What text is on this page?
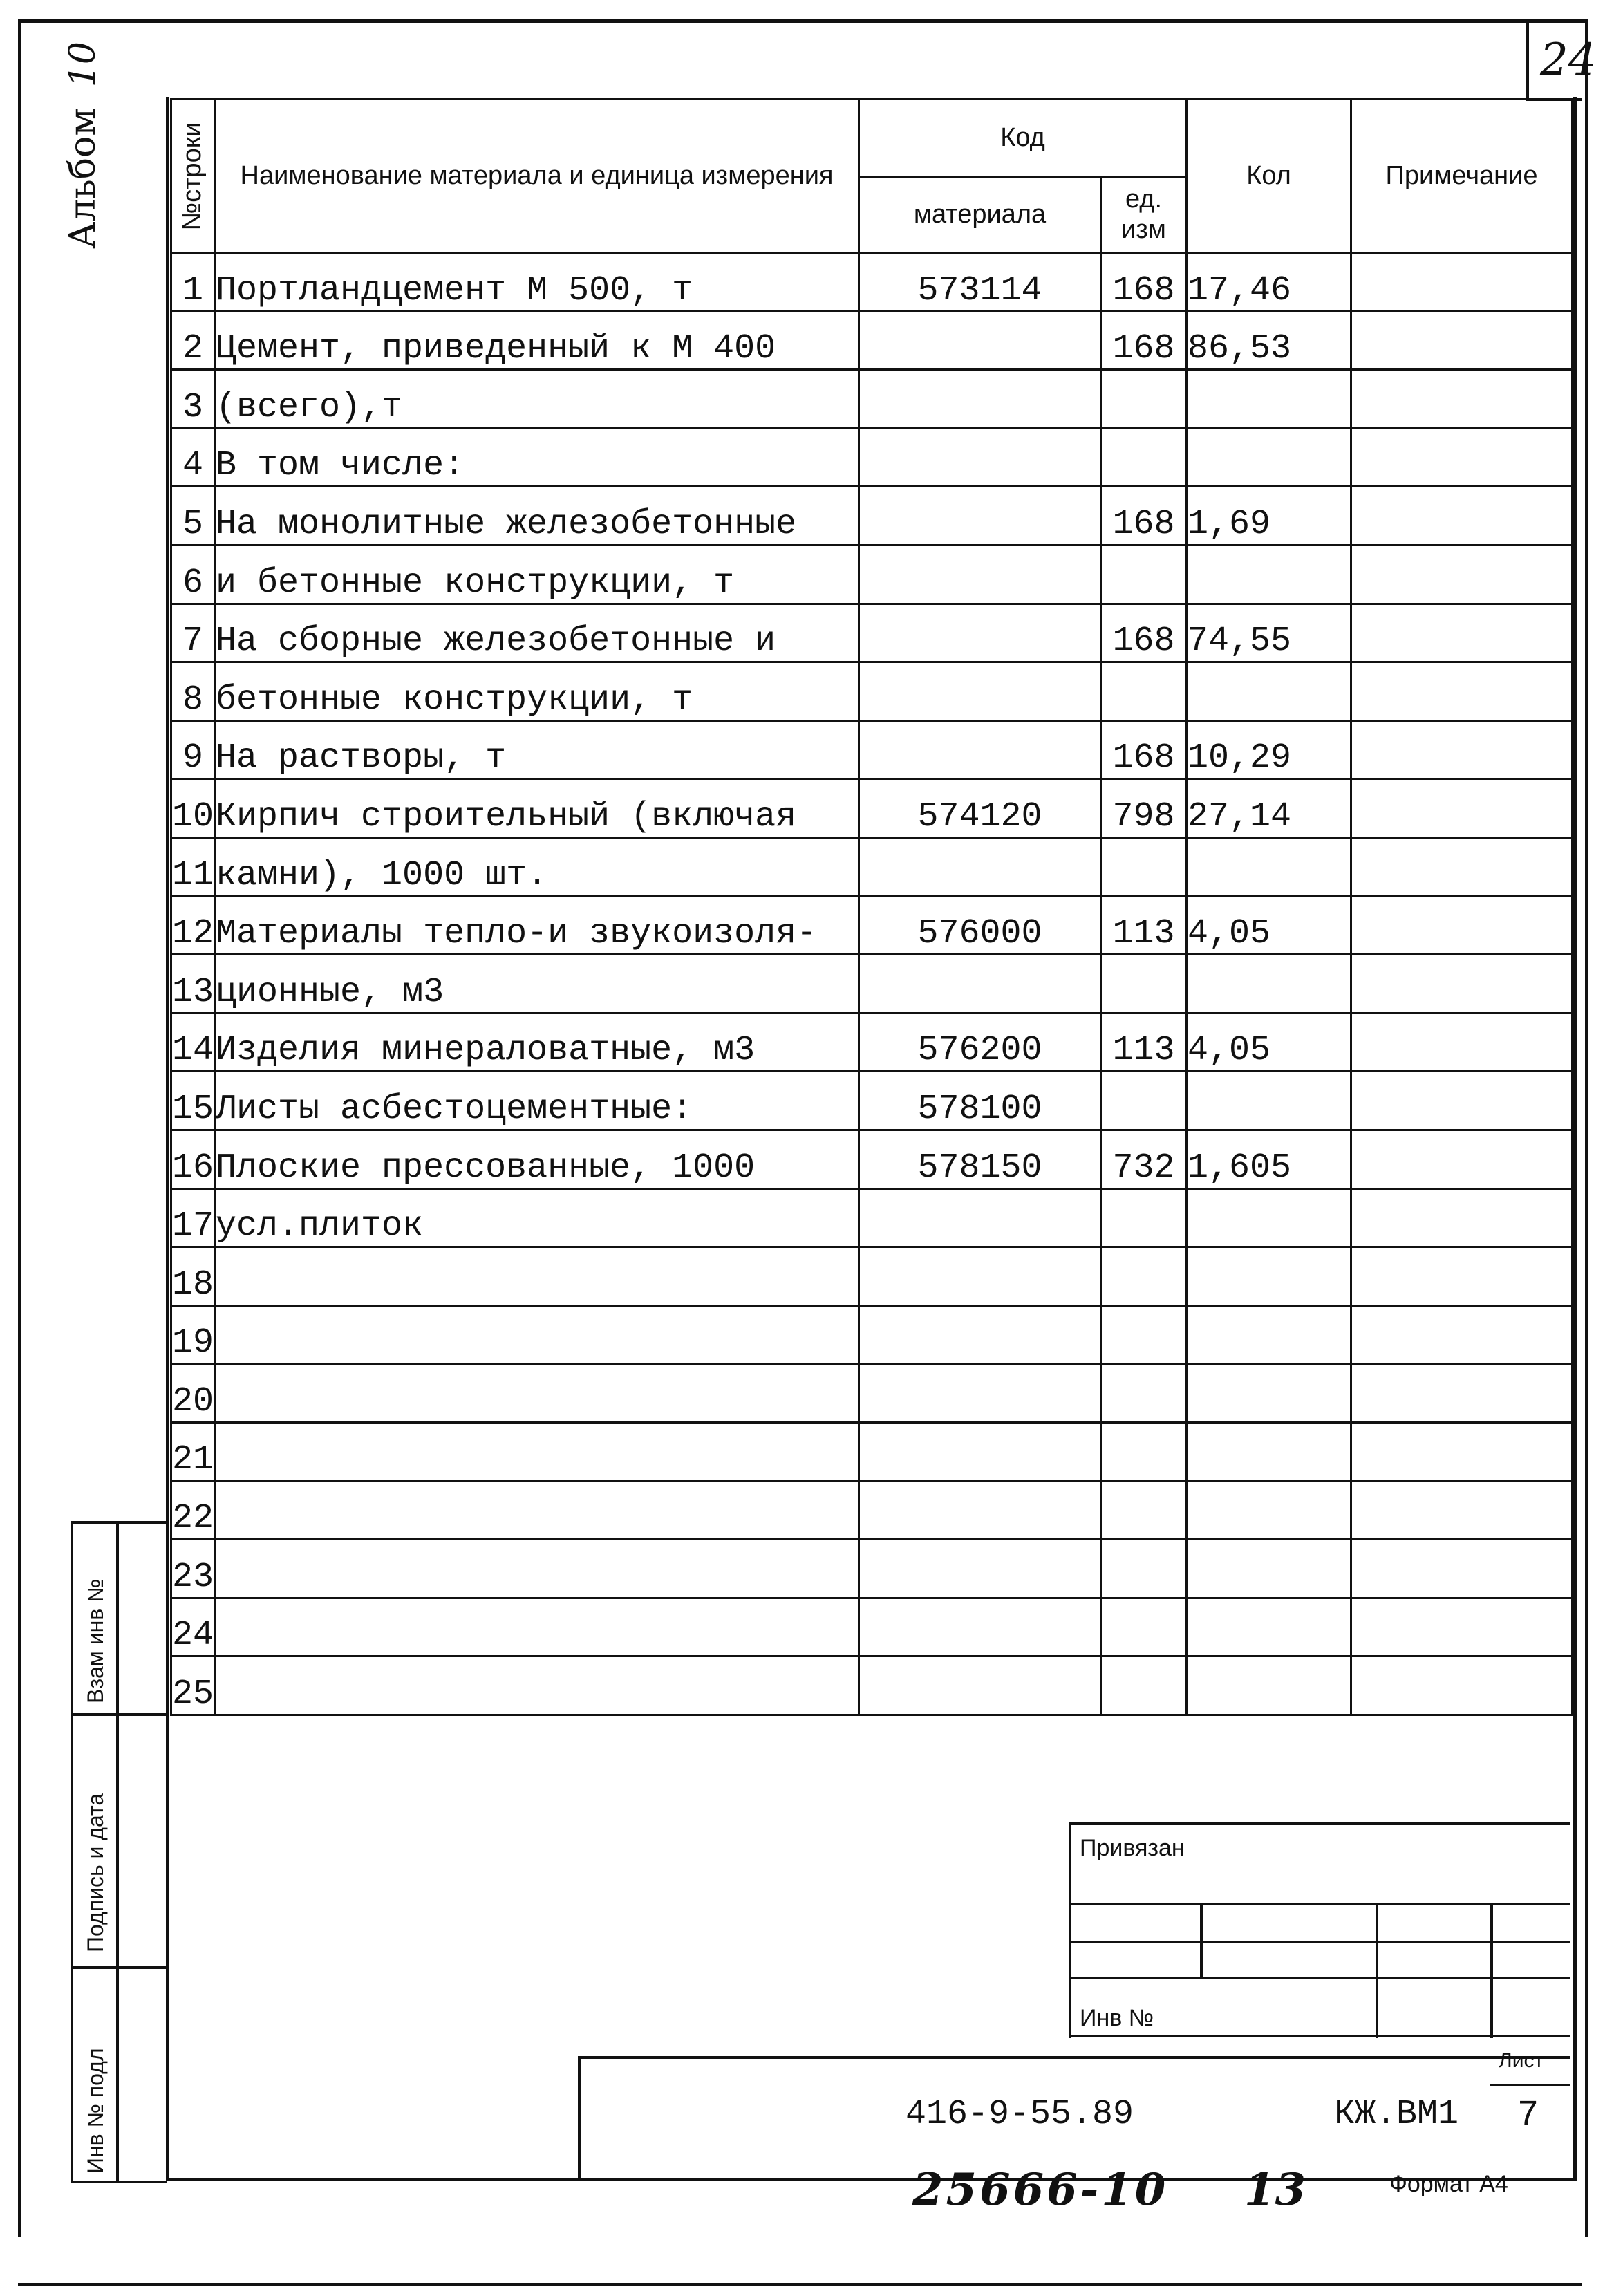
24
Альбом10
№строки	Наименование материала и единица измерения	Код		Кол	Примечание
		материала	ед. изм		
1	Портландцемент М 500, т	573114	168	17,46	
2	Цемент, приведенный к М 400		168	86,53	
3	(всего),т				
4	В том числе:				
5	На монолитные железобетонные		168	1,69	
6	и бетонные конструкции, т				
7	На сборные железобетонные и		168	74,55	
8	бетонные конструкции, т				
9	На растворы, т		168	10,29	
10	Кирпич строительный (включая	574120	798	27,14	
11	камни), 1000 шт.				
12	Материалы тепло-и звукоизоля-	576000	113	4,05	
13	ционные, м3				
14	Изделия минераловатные, м3	576200	113	4,05	
15	Листы асбестоцементные:	578100			
16	Плоские прессованные, 1000	578150	732	1,605	
17	усл.плиток				
18					
19					
20					
21					
22					
23					
24					
25					
Взам инв №
Подпись и дата
Инв № подл
Привязан
Инв №
Лист
416-9-55.89	КЖ.ВМ1 7
25666-10 13	Формат А4
